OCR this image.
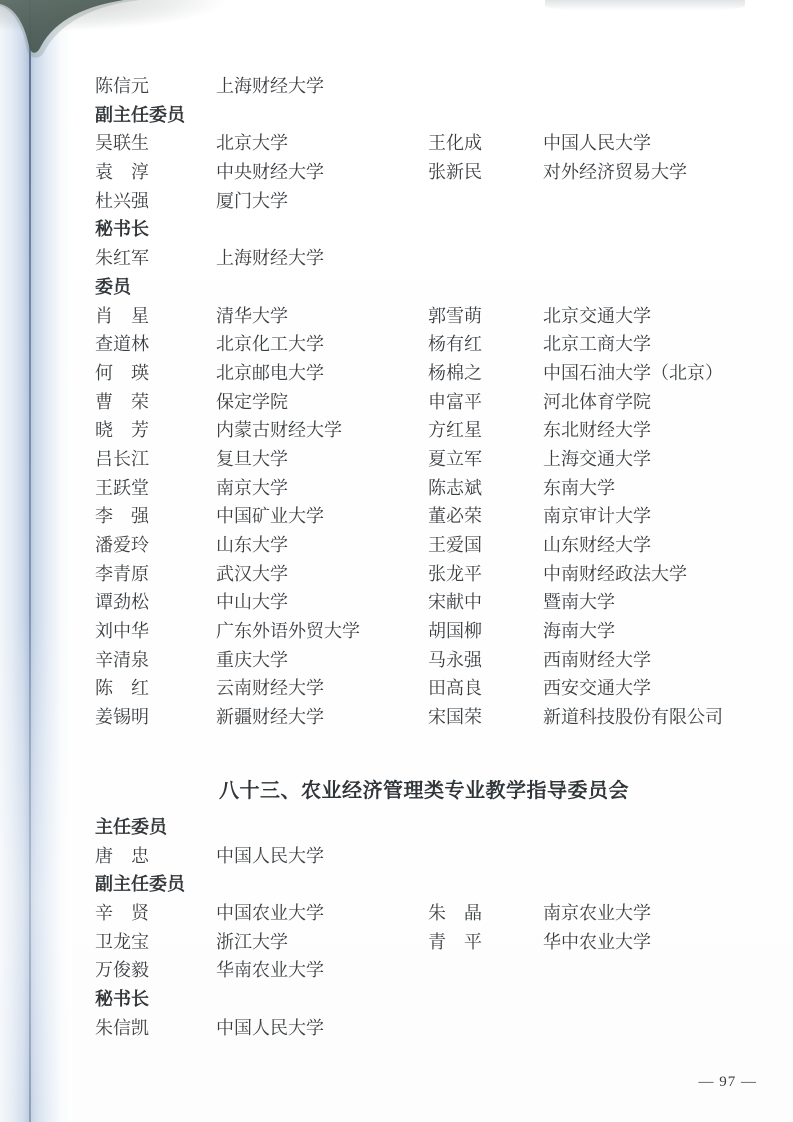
陈信元	上海财经大学
副主任委员
吴联生	北京大学	王化成	中国人民大学
袁　淳	中央财经大学	张新民	对外经济贸易大学
杜兴强	厦门大学
秘书长
朱红军	上海财经大学
委员
肖　星	清华大学	郭雪萌	北京交通大学
查道林	北京化工大学	杨有红	北京工商大学
何　瑛	北京邮电大学	杨棉之	中国石油大学（北京）
曹　荣	保定学院	申富平	河北体育学院
晓　芳	内蒙古财经大学	方红星	东北财经大学
吕长江	复旦大学	夏立军	上海交通大学
王跃堂	南京大学	陈志斌	东南大学
李　强	中国矿业大学	董必荣	南京审计大学
潘爱玲	山东大学	王爱国	山东财经大学
李青原	武汉大学	张龙平	中南财经政法大学
谭劲松	中山大学	宋献中	暨南大学
刘中华	广东外语外贸大学	胡国柳	海南大学
辛清泉	重庆大学	马永强	西南财经大学
陈　红	云南财经大学	田高良	西安交通大学
姜锡明	新疆财经大学	宋国荣	新道科技股份有限公司
八十三、农业经济管理类专业教学指导委员会
主任委员
唐　忠	中国人民大学
副主任委员
辛　贤	中国农业大学	朱　晶	南京农业大学
卫龙宝	浙江大学	青　平	华中农业大学
万俊毅	华南农业大学
秘书长
朱信凯	中国人民大学
— 97 —
